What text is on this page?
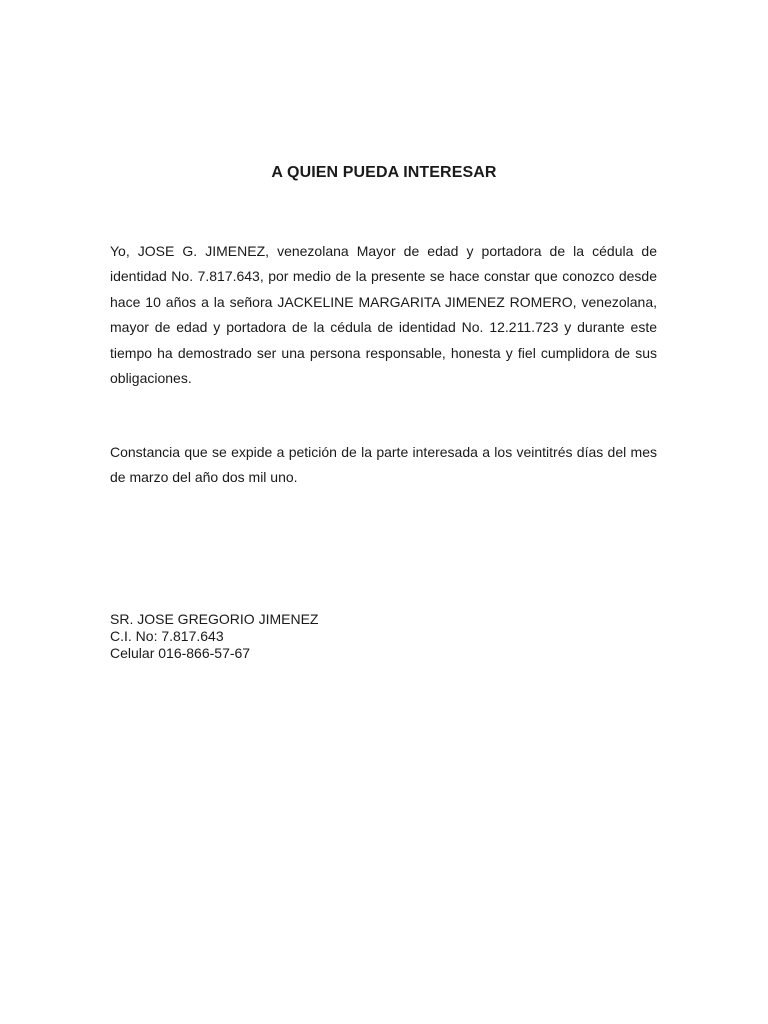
A QUIEN PUEDA INTERESAR

Yo, JOSE G. JIMENEZ, venezolana Mayor de edad y portadora de la cédula de identidad No. 7.817.643, por medio de la presente se hace constar que conozco desde hace 10 años a la señora JACKELINE MARGARITA JIMENEZ ROMERO, venezolana, mayor de edad y portadora de la cédula de identidad No. 12.211.723 y durante este tiempo ha demostrado ser una persona responsable, honesta y fiel cumplidora de sus obligaciones.

Constancia que se expide a petición de la parte interesada a los veintitrés días del mes de marzo del año dos mil uno.

SR. JOSE GREGORIO JIMENEZ
C.I. No: 7.817.643
Celular 016-866-57-67
